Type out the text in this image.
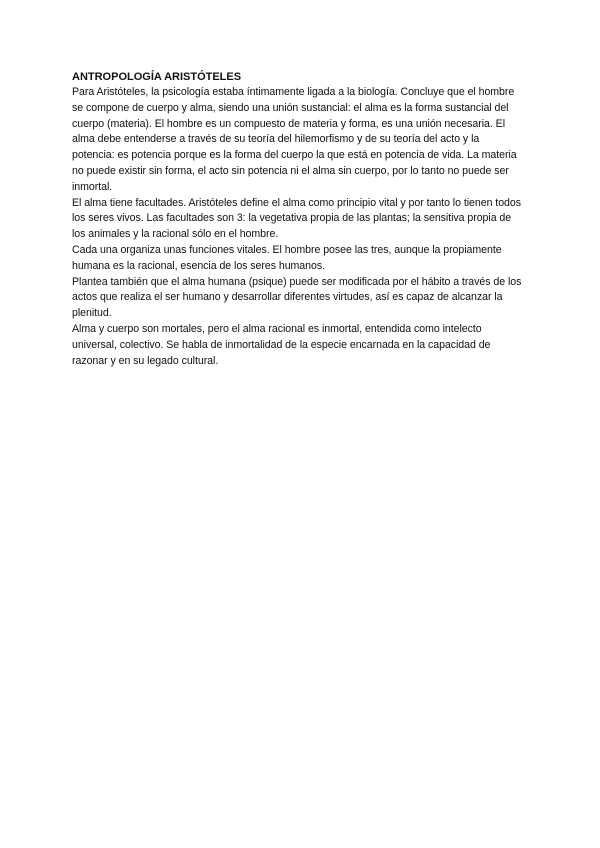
ANTROPOLOGÍA ARISTÓTELES

Para Aristóteles, la psicología estaba íntimamente ligada a la biología. Concluye que el hombre se compone de cuerpo y alma, siendo una unión sustancial: el alma es la forma sustancial del cuerpo (materia). El hombre es un compuesto de materia y forma, es una unión necesaria. El alma debe entenderse a través de su teoría del hilemorfismo y de su teoría del acto y la potencia: es potencia porque es la forma del cuerpo la que está en potencia de vida. La materia no puede existir sin forma, el acto sin potencia ni el alma sin cuerpo, por lo tanto no puede ser inmortal.

El alma tiene facultades. Aristóteles define el alma como principio vital y por tanto lo tienen todos los seres vivos. Las facultades son 3: la vegetativa propia de las plantas; la sensitiva propia de los animales y la racional sólo en el hombre.

Cada una organiza unas funciones vitales. El hombre posee las tres, aunque la propiamente humana es la racional, esencia de los seres humanos.

Plantea también que el alma humana (psique) puede ser modificada por el hábito a través de los actos que realiza el ser humano y desarrollar diferentes virtudes, así es capaz de alcanzar la plenitud.

Alma y cuerpo son mortales, pero el alma racional es inmortal, entendida como intelecto universal, colectivo. Se habla de inmortalidad de la especie encarnada en la capacidad de razonar y en su legado cultural.
